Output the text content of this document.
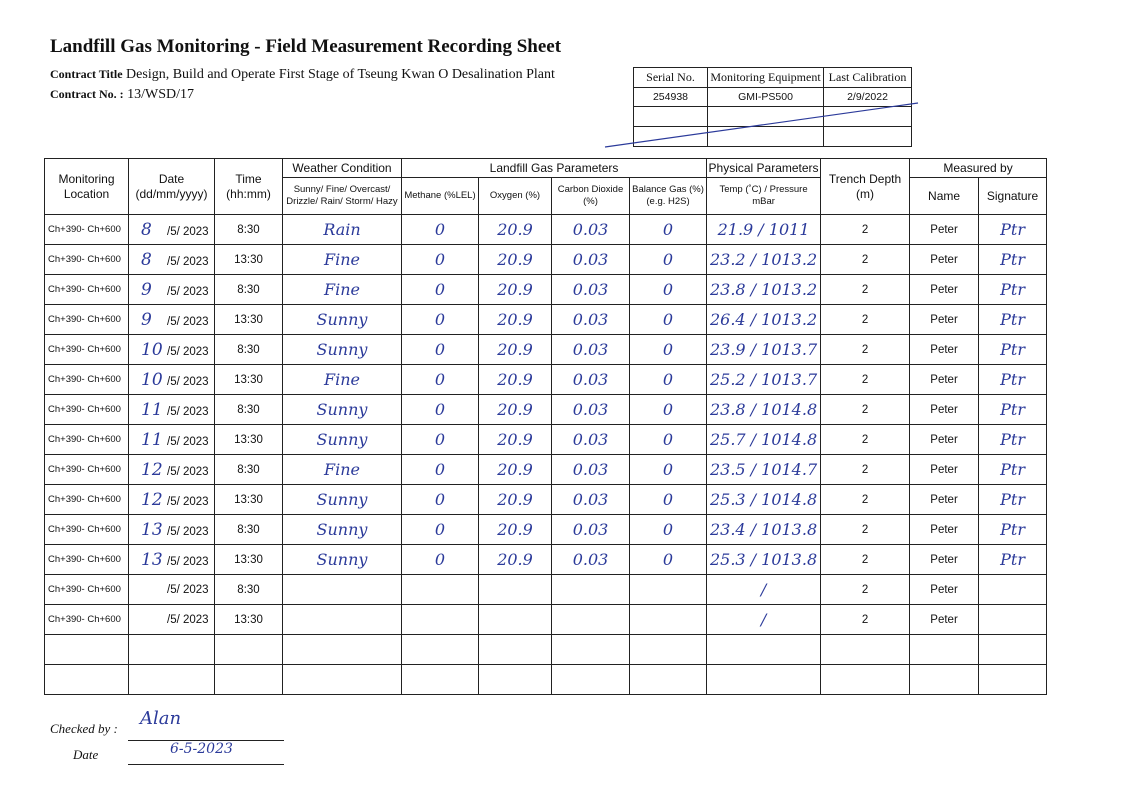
Landfill Gas Monitoring - Field Measurement Recording Sheet
Contract Title Design, Build and Operate First Stage of Tseung Kwan O Desalination Plant
Contract No. : 13/WSD/17
Serial No.	Monitoring Equipment	Last Calibration
254938	GMI-PS500	2/9/2022

Monitoring Location	Date (dd/mm/yyyy)	Time (hh:mm)	Weather Condition	Landfill Gas Parameters				Physical Parameters	Trench Depth (m)	Measured by	
			Sunny/ Fine/ Overcast/ Drizzle/ Rain/ Storm/ Hazy	Methane (%LEL)	Oxygen (%)	Carbon Dioxide (%)	Balance Gas (%) (e.g. H2S)	Temp (˚C) / Pressure mBar		Name	Signature
Ch+390- Ch+600	8 /5/ 2023	8:30	Rain	0	20.9	0.03	0	21.9 / 1011	2	Peter	Ptr
Ch+390- Ch+600	8 /5/ 2023	13:30	Fine	0	20.9	0.03	0	23.2 / 1013.2	2	Peter	Ptr
Ch+390- Ch+600	9 /5/ 2023	8:30	Fine	0	20.9	0.03	0	23.8 / 1013.2	2	Peter	Ptr
Ch+390- Ch+600	9 /5/ 2023	13:30	Sunny	0	20.9	0.03	0	26.4 / 1013.2	2	Peter	Ptr
Ch+390- Ch+600	10 /5/ 2023	8:30	Sunny	0	20.9	0.03	0	23.9 / 1013.7	2	Peter	Ptr
Ch+390- Ch+600	10 /5/ 2023	13:30	Fine	0	20.9	0.03	0	25.2 / 1013.7	2	Peter	Ptr
Ch+390- Ch+600	11 /5/ 2023	8:30	Sunny	0	20.9	0.03	0	23.8 / 1014.8	2	Peter	Ptr
Ch+390- Ch+600	11 /5/ 2023	13:30	Sunny	0	20.9	0.03	0	25.7 / 1014.8	2	Peter	Ptr
Ch+390- Ch+600	12 /5/ 2023	8:30	Fine	0	20.9	0.03	0	23.5 / 1014.7	2	Peter	Ptr
Ch+390- Ch+600	12 /5/ 2023	13:30	Sunny	0	20.9	0.03	0	25.3 / 1014.8	2	Peter	Ptr
Ch+390- Ch+600	13 /5/ 2023	8:30	Sunny	0	20.9	0.03	0	23.4 / 1013.8	2	Peter	Ptr
Ch+390- Ch+600	13 /5/ 2023	13:30	Sunny	0	20.9	0.03	0	25.3 / 1013.8	2	Peter	Ptr
Ch+390- Ch+600	/5/ 2023	8:30						/	2	Peter	
Ch+390- Ch+600	/5/ 2023	13:30						/	2	Peter	

Checked by : Alan
Date	6-5-2023
